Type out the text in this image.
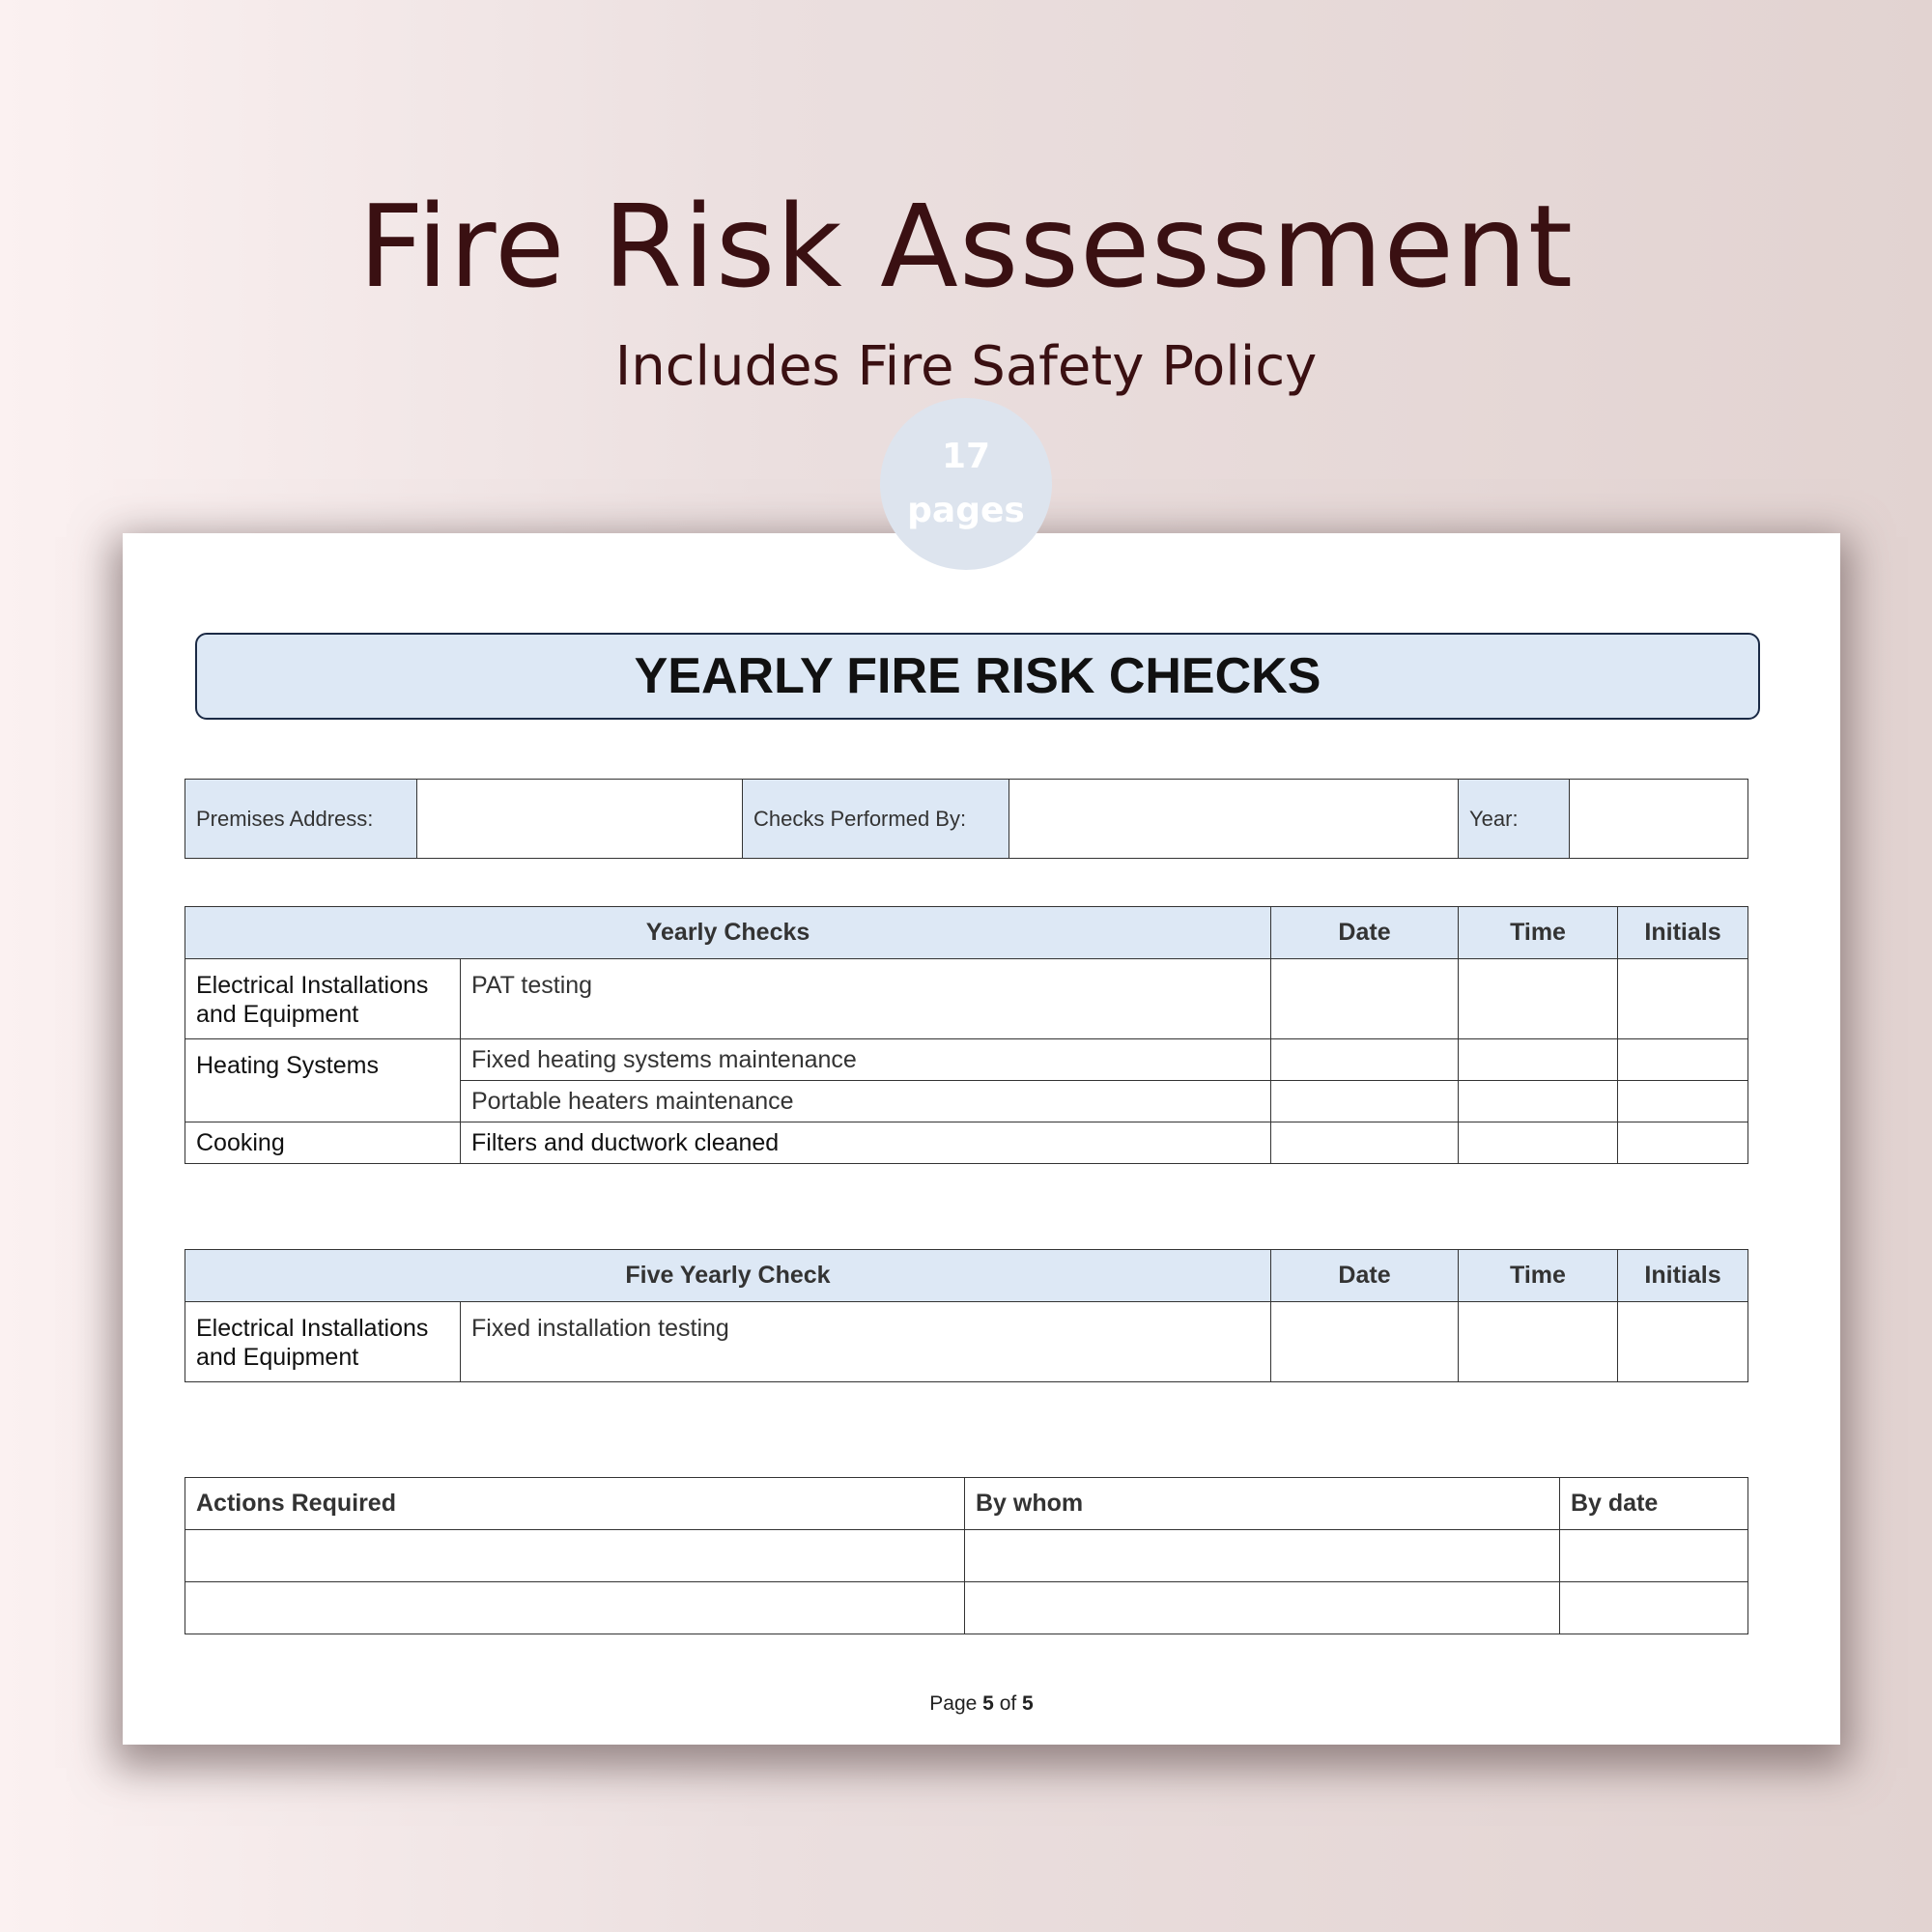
Fire Risk Assessment
Includes Fire Safety Policy
17
pages
YEARLY FIRE RISK CHECKS
Premises Address:		Checks Performed By:		Year:	
Yearly Checks		Date	Time	Initials
Electrical Installations and Equipment	PAT testing			
Heating Systems	Fixed heating systems maintenance			
	Portable heaters maintenance			
Cooking	Filters and ductwork cleaned			
Five Yearly Check		Date	Time	Initials
Electrical Installations and Equipment	Fixed installation testing			
Actions Required	By whom	By date

Page 5 of 5
